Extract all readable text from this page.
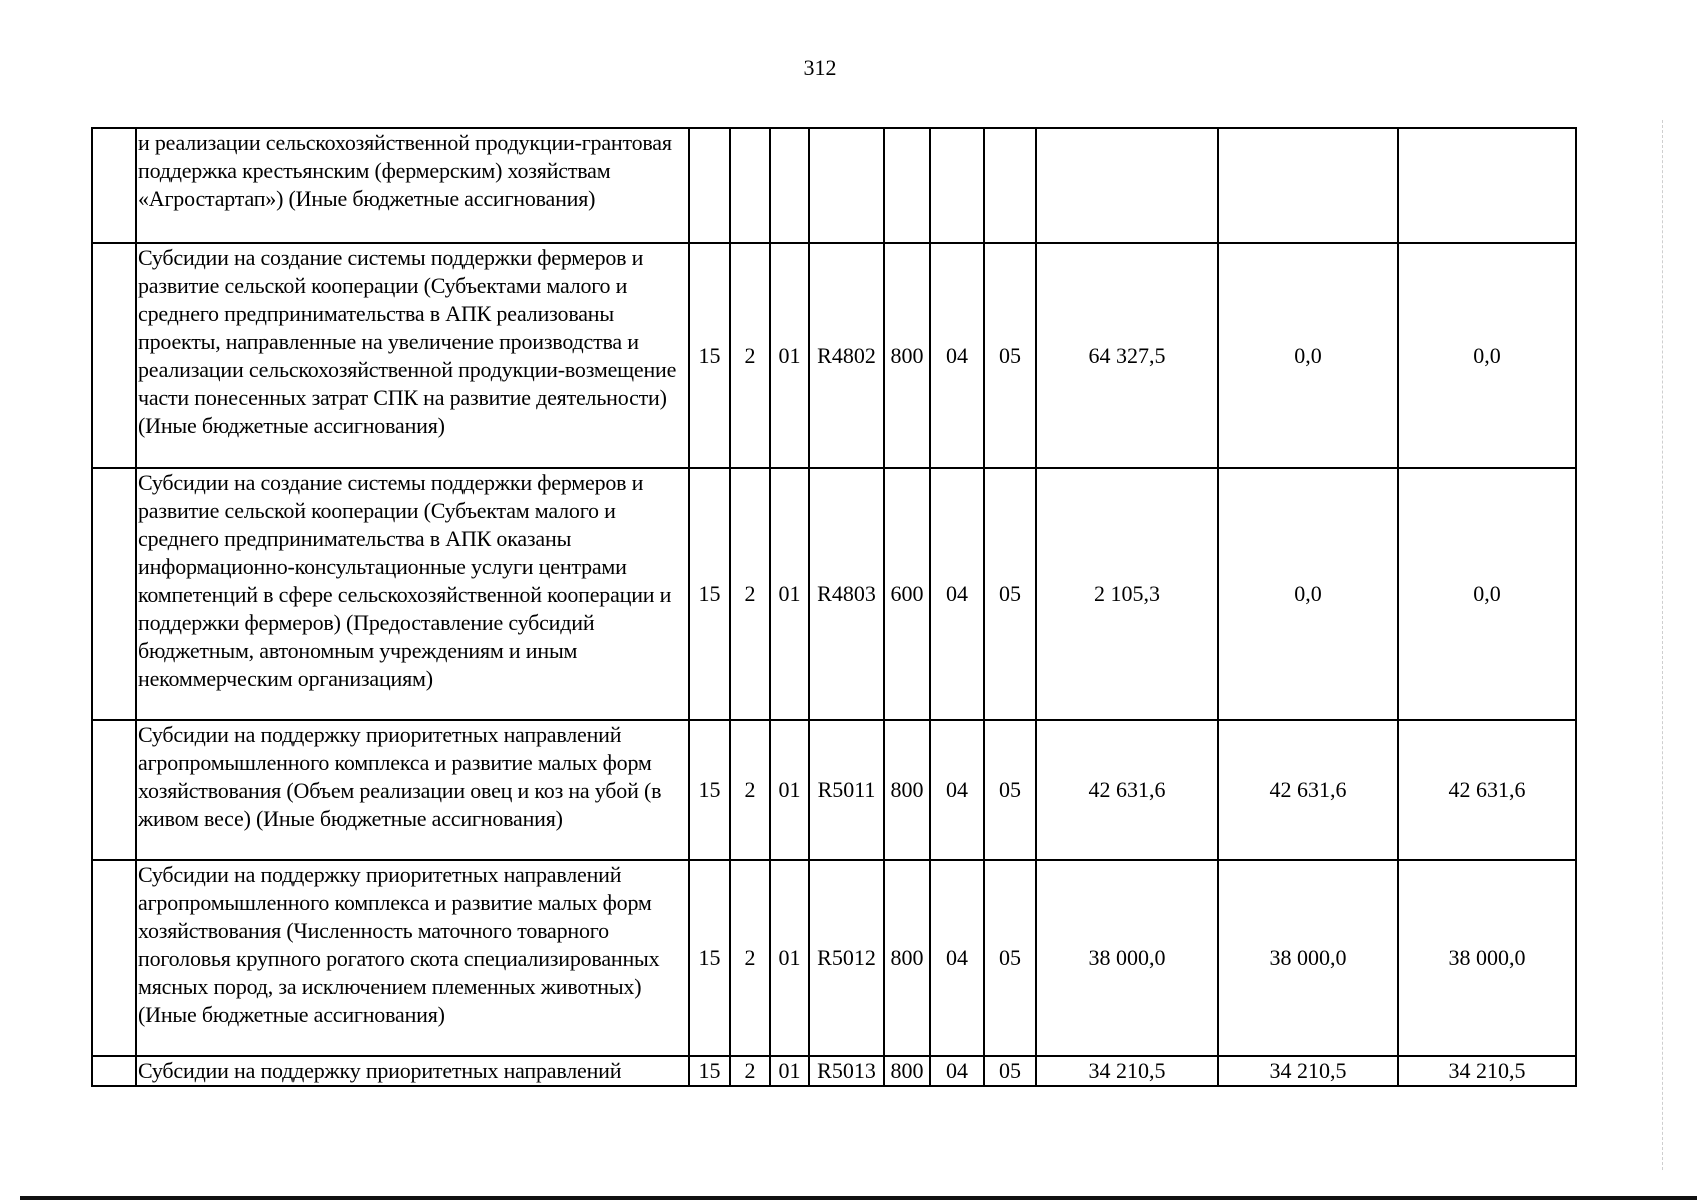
312
	и реализации сельскохозяйственной продукции-грантовая поддержка крестьянским (фермерским) хозяйствам «Агростартап») (Иные бюджетные ассигнования)										
	Субсидии на создание системы поддержки фермеров и развитие сельской кооперации (Субъектами малого и среднего предпринимательства в АПК реализованы проекты, направленные на увеличение производства и реализации сельскохозяйственной продукции-возмещение части понесенных затрат СПК на развитие деятельности) (Иные бюджетные ассигнования)	15	2	01	R4802	800	04	05	64 327,5	0,0	0,0
	Субсидии на создание системы поддержки фермеров и развитие сельской кооперации (Субъектам малого и среднего предпринимательства в АПК оказаны информационно-консультационные услуги центрами компетенций в сфере сельскохозяйственной кооперации и поддержки фермеров) (Предоставление субсидий бюджетным, автономным учреждениям и иным некоммерческим организациям)	15	2	01	R4803	600	04	05	2 105,3	0,0	0,0
	Субсидии на поддержку приоритетных направлений агропромышленного комплекса и развитие малых форм хозяйствования (Объем реализации овец и коз на убой (в живом весе) (Иные бюджетные ассигнования)	15	2	01	R5011	800	04	05	42 631,6	42 631,6	42 631,6
	Субсидии на поддержку приоритетных направлений агропромышленного комплекса и развитие малых форм хозяйствования (Численность маточного товарного поголовья крупного рогатого скота специализированных мясных пород, за исключением племенных животных) (Иные бюджетные ассигнования)	15	2	01	R5012	800	04	05	38 000,0	38 000,0	38 000,0
	Субсидии на поддержку приоритетных направлений	15	2	01	R5013	800	04	05	34 210,5	34 210,5	34 210,5
